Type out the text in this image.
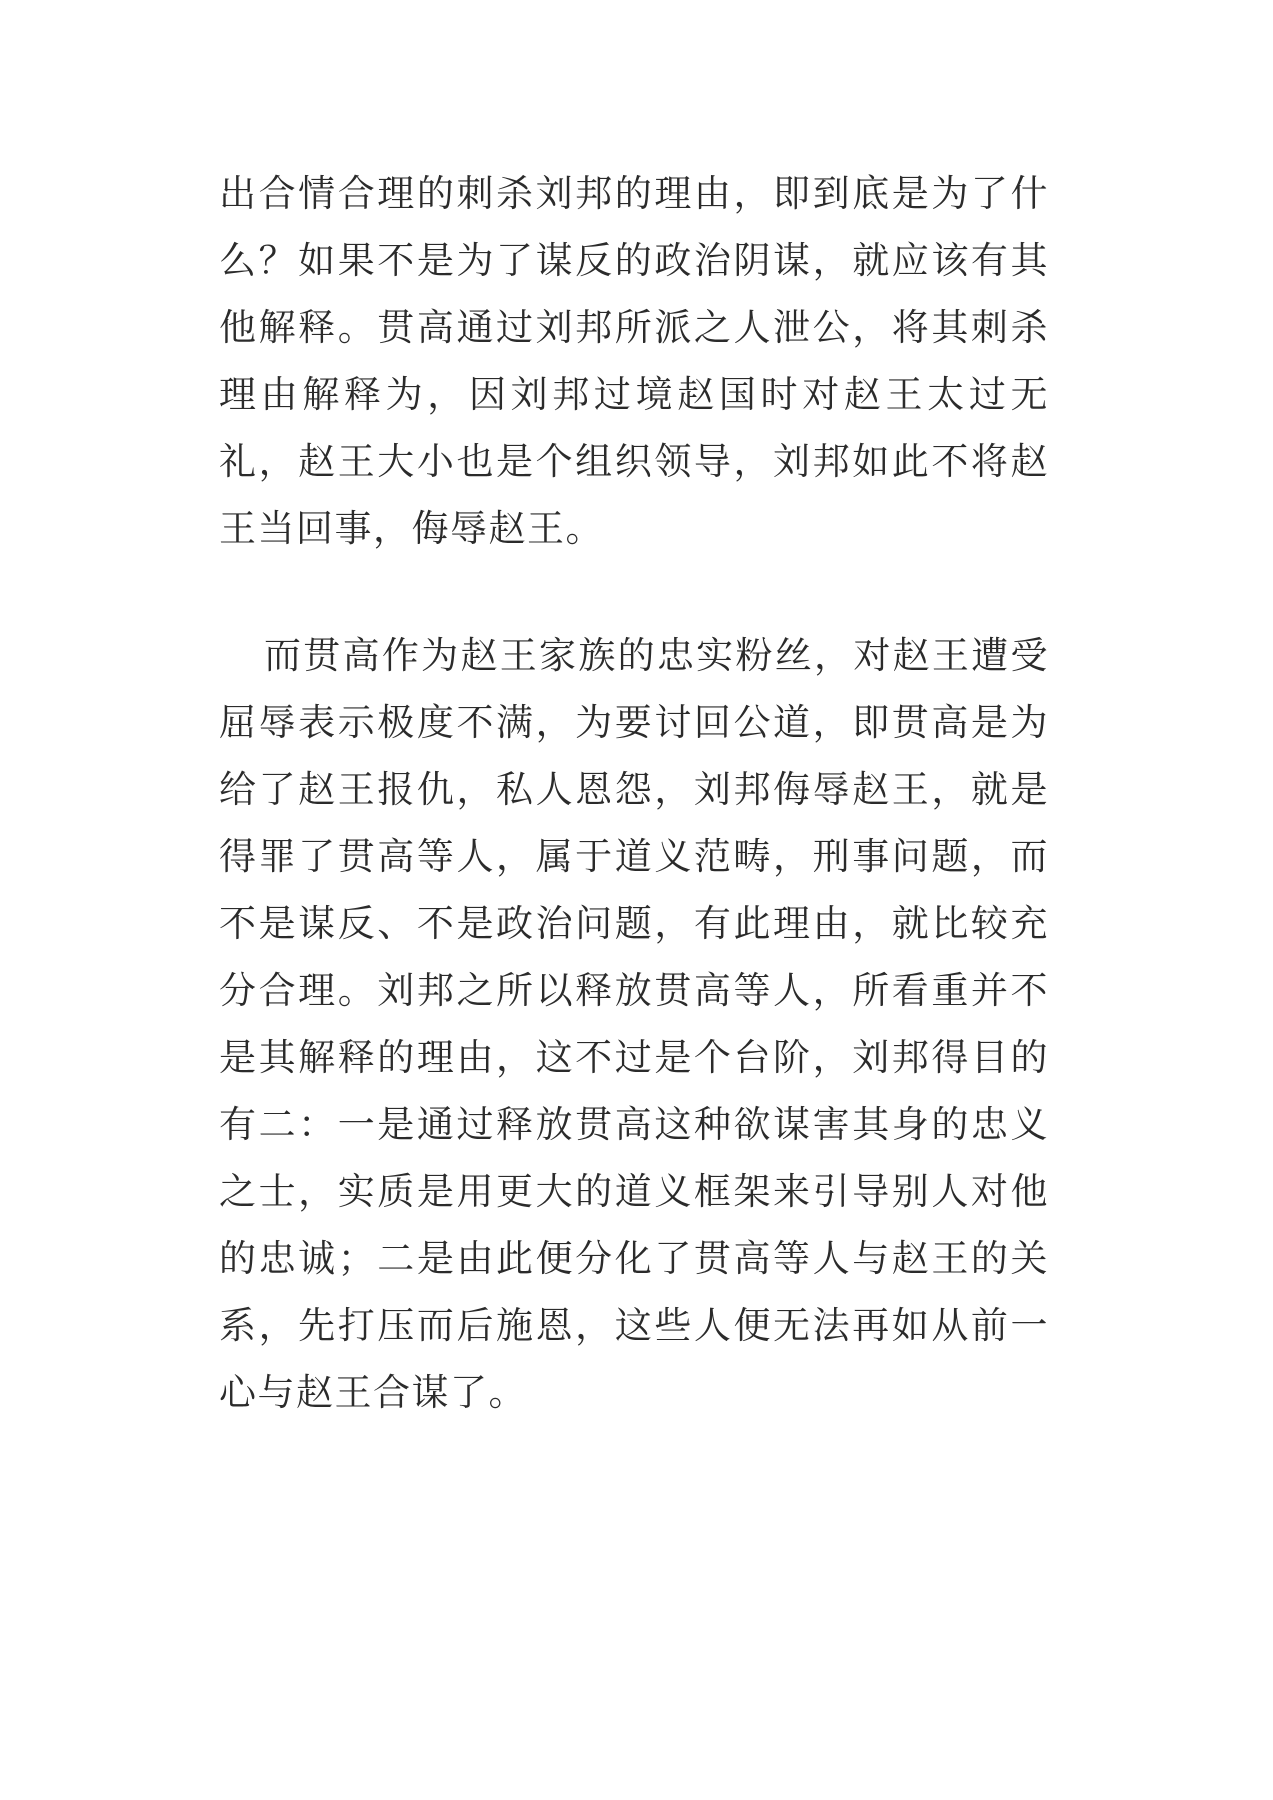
出合情合理的刺杀刘邦的理由，即到底是为了什
么？如果不是为了谋反的政治阴谋，就应该有其
他解释。贯高通过刘邦所派之人泄公，将其刺杀
理由解释为，因刘邦过境赵国时对赵王太过无
礼，赵王大小也是个组织领导，刘邦如此不将赵
王当回事，侮辱赵王。
而贯高作为赵王家族的忠实粉丝，对赵王遭受
屈辱表示极度不满，为要讨回公道，即贯高是为
给了赵王报仇，私人恩怨，刘邦侮辱赵王，就是
得罪了贯高等人，属于道义范畴，刑事问题，而
不是谋反、不是政治问题，有此理由，就比较充
分合理。刘邦之所以释放贯高等人，所看重并不
是其解释的理由，这不过是个台阶，刘邦得目的
有二：一是通过释放贯高这种欲谋害其身的忠义
之士，实质是用更大的道义框架来引导别人对他
的忠诚；二是由此便分化了贯高等人与赵王的关
系，先打压而后施恩，这些人便无法再如从前一
心与赵王合谋了。
